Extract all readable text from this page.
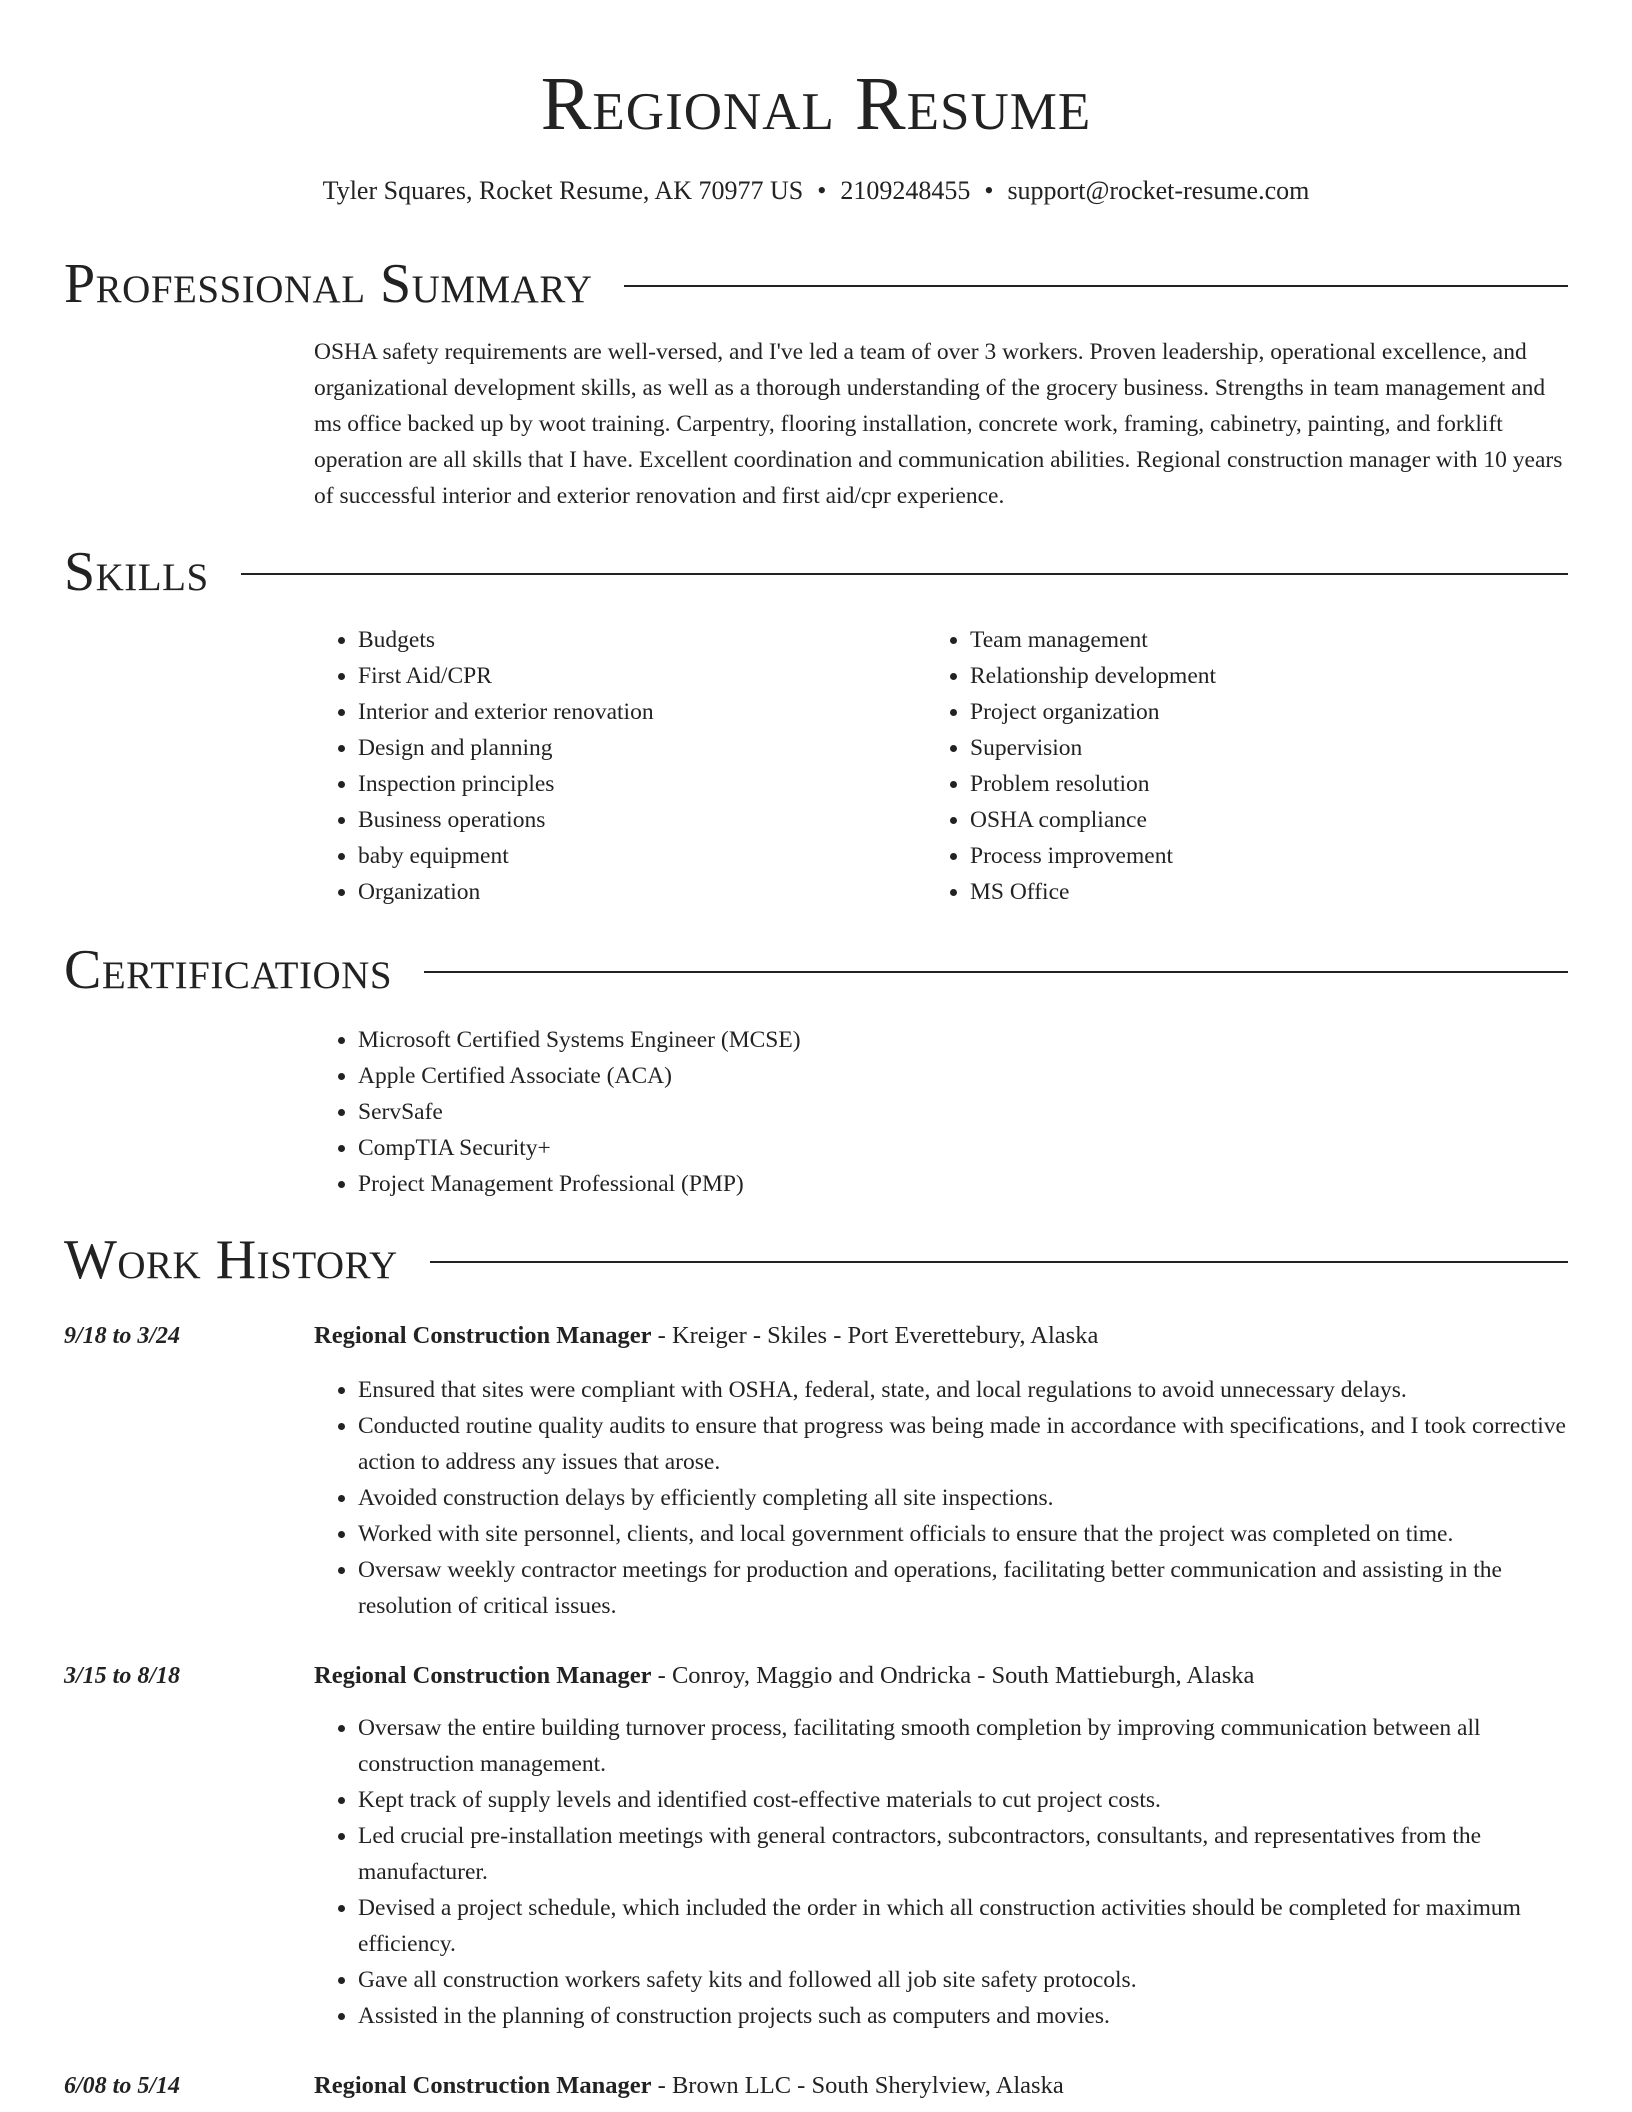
Regional Resume
Tyler Squares, Rocket Resume, AK 70977 US • 2109248455 • support@rocket-resume.com
Professional Summary
OSHA safety requirements are well-versed, and I've led a team of over 3 workers. Proven leadership, operational excellence, and organizational development skills, as well as a thorough understanding of the grocery business. Strengths in team management and ms office backed up by woot training. Carpentry, flooring installation, concrete work, framing, cabinetry, painting, and forklift operation are all skills that I have. Excellent coordination and communication abilities. Regional construction manager with 10 years of successful interior and exterior renovation and first aid/cpr experience.
Skills
• Budgets
• First Aid/CPR
• Interior and exterior renovation
• Design and planning
• Inspection principles
• Business operations
• baby equipment
• Organization
• Team management
• Relationship development
• Project organization
• Supervision
• Problem resolution
• OSHA compliance
• Process improvement
• MS Office
Certifications
• Microsoft Certified Systems Engineer (MCSE)
• Apple Certified Associate (ACA)
• ServSafe
• CompTIA Security+
• Project Management Professional (PMP)
Work History
9/18 to 3/24	Regional Construction Manager - Kreiger - Skiles - Port Everettebury, Alaska
• Ensured that sites were compliant with OSHA, federal, state, and local regulations to avoid unnecessary delays.
• Conducted routine quality audits to ensure that progress was being made in accordance with specifications, and I took corrective action to address any issues that arose.
• Avoided construction delays by efficiently completing all site inspections.
• Worked with site personnel, clients, and local government officials to ensure that the project was completed on time.
• Oversaw weekly contractor meetings for production and operations, facilitating better communication and assisting in the resolution of critical issues.
3/15 to 8/18	Regional Construction Manager - Conroy, Maggio and Ondricka - South Mattieburgh, Alaska
• Oversaw the entire building turnover process, facilitating smooth completion by improving communication between all construction management.
• Kept track of supply levels and identified cost-effective materials to cut project costs.
• Led crucial pre-installation meetings with general contractors, subcontractors, consultants, and representatives from the manufacturer.
• Devised a project schedule, which included the order in which all construction activities should be completed for maximum efficiency.
• Gave all construction workers safety kits and followed all job site safety protocols.
• Assisted in the planning of construction projects such as computers and movies.
6/08 to 5/14	Regional Construction Manager - Brown LLC - South Sherylview, Alaska
